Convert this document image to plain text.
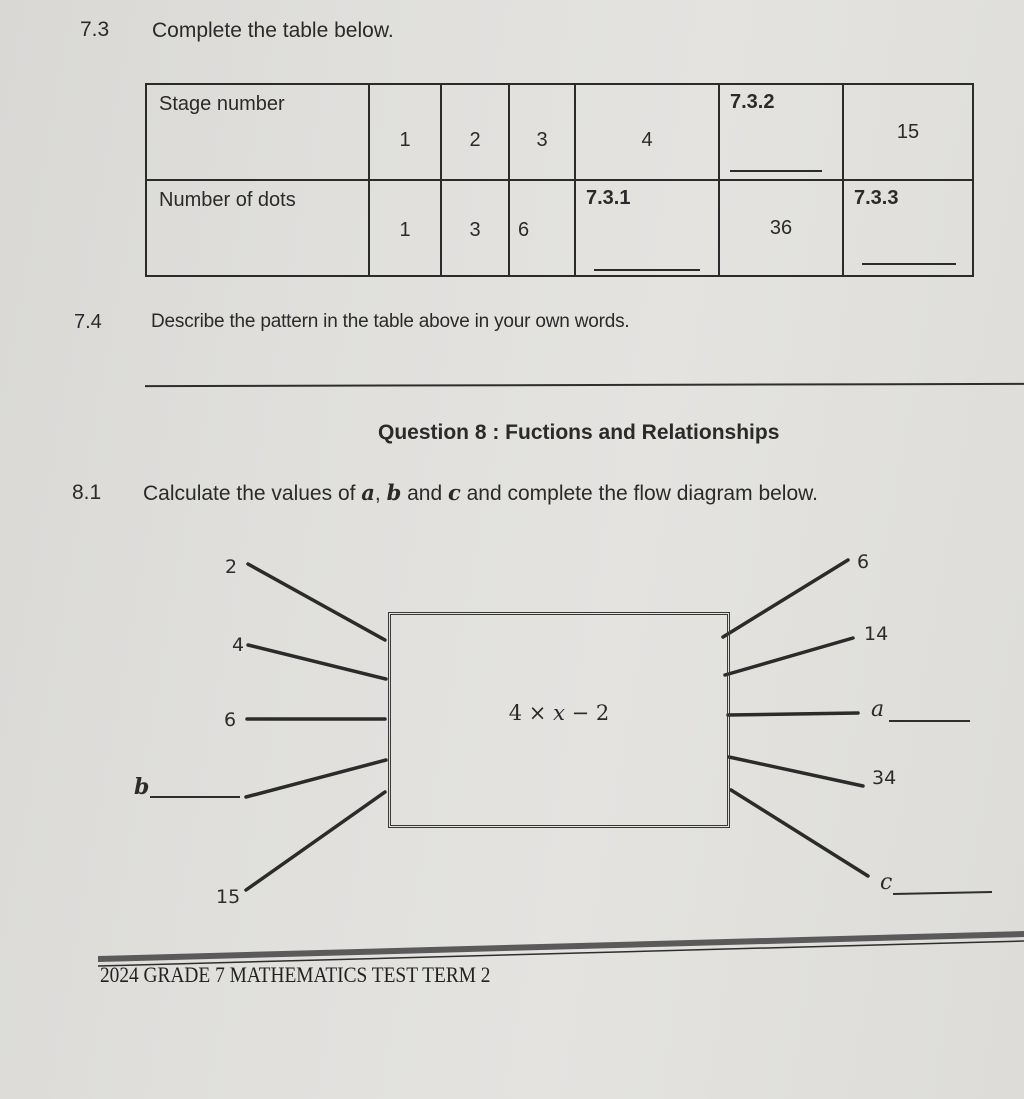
7.3 Complete the table below.
Stage number	1	2	3	4	7.3.2	15

Number of dots	1	3	6	7.3.1	36	7.3.3
7.4	Describe the pattern in the table above in your own words.
Question 8 : Fuctions and Relationships
8.1 Calculate the values of a, b and c and complete the flow diagram below.
4 × x − 2
2
4
6
b
15
6
14
a
34
c
2024 GRADE 7 MATHEMATICS TEST TERM 2
